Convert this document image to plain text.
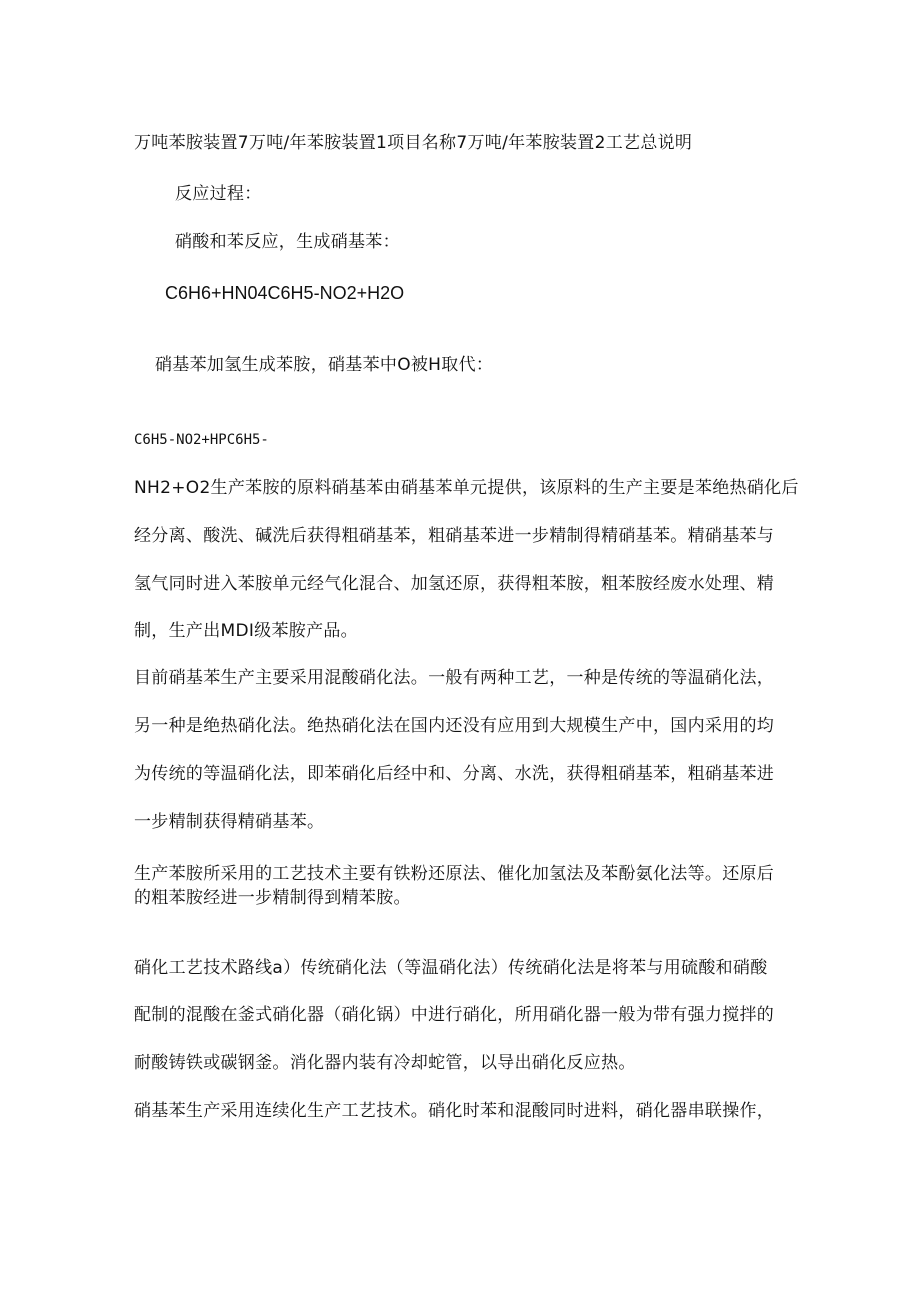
万吨苯胺装置7万吨/年苯胺装置1项目名称7万吨/年苯胺装置2工艺总说明
反应过程：
硝酸和苯反应，生成硝基苯：
C6H6+HN04C6H5-NO2+H2O
硝基苯加氢生成苯胺，硝基苯中O被H取代：
C6H5-NO2+HPC6H5-
NH2+O2生产苯胺的原料硝基苯由硝基苯单元提供，该原料的生产主要是苯绝热硝化后
经分离、酸洗、碱洗后获得粗硝基苯，粗硝基苯进一步精制得精硝基苯。精硝基苯与
氢气同时进入苯胺单元经气化混合、加氢还原，获得粗苯胺，粗苯胺经废水处理、精
制，生产出MDI级苯胺产品。
目前硝基苯生产主要采用混酸硝化法。一般有两种工艺，一种是传统的等温硝化法，
另一种是绝热硝化法。绝热硝化法在国内还没有应用到大规模生产中，国内采用的均
为传统的等温硝化法，即苯硝化后经中和、分离、水洗，获得粗硝基苯，粗硝基苯进
一步精制获得精硝基苯。
生产苯胺所采用的工艺技术主要有铁粉还原法、催化加氢法及苯酚氨化法等。还原后
的粗苯胺经进一步精制得到精苯胺。
硝化工艺技术路线a）传统硝化法（等温硝化法）传统硝化法是将苯与用硫酸和硝酸
配制的混酸在釜式硝化器（硝化锅）中进行硝化，所用硝化器一般为带有强力搅拌的
耐酸铸铁或碳钢釜。消化器内装有冷却蛇管，以导出硝化反应热。
硝基苯生产采用连续化生产工艺技术。硝化时苯和混酸同时进料，硝化器串联操作，
